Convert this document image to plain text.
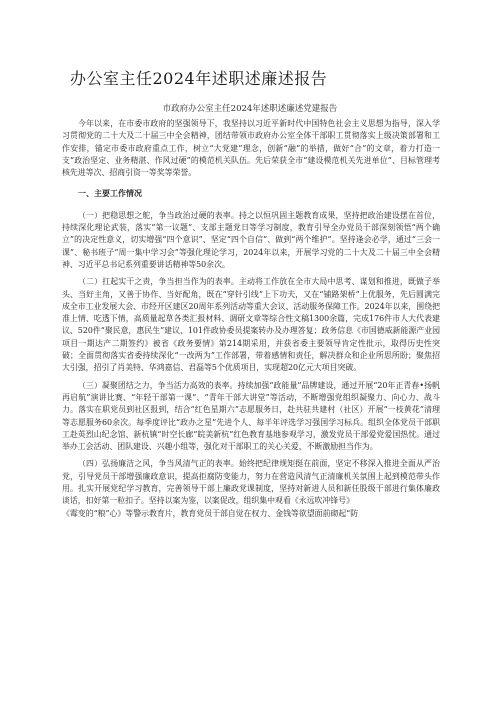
办公室主任2024年述职述廉述报告
市政府办公室主任2024年述职述廉述党建报告

今年以来，在市委市政府的坚强领导下，我坚持以习近平新时代中国特色社会主义思想为指导，深入学习贯彻党的二十大及二十届三中全会精神，团结带领市政府办公室全体干部职工贯彻落实上级决策部署和工作安排，锚定市委市政府重点工作，树立“大党建”理念，创新“融”的举措，做好“合”的文章，着力打造一支“政治坚定、业务精湛、作风过硬”的模范机关队伍。先后荣获全市“建设模范机关先进单位”、目标管理考核先进等次、招商引资一等奖等荣誉。

一、主要工作情况

（一）把稳思想之舵，争当政治过硬的表率。持之以恒巩固主题教育成果，坚持把政治建设摆在首位，持续深化理论武装，落实“第一议题”、支部主题党日等学习制度，教育引导全办党员干部深刻领悟“两个确立”的决定性意义，切实增强“四个意识”、坚定“四个自信”、做到“两个维护”。坚持逢会必学，通过“三会一课”、秘书班子“周一集中学习会”等强化理论学习，2024年以来，开展学习党的二十大及二十届三中全会精神、习近平总书记系列重要讲话精神等50余次。

（二）扛起实干之责，争当担当作为的表率。主动将工作放在全市大局中思考、谋划和推进，既做子举头、当好主角，又善于协作、当好配角，既在“穿针引线”上下功夫，又在“铺路架桥”上优服务，先后圆满完成全市工业发展大会、市经开区建区20周年系列活动等重大会议、活动服务保障工作。2024年以来，围绕把准上情、吃透下情，高质量起草各类汇报材料、调研文章等综合性文稿1300余篇，完成176件市人大代表建议、520件“聚民意，惠民生”建议、101件政协委员提案转办及办理答复；政务信息《市国德威新能源产业园项目一期达产二期签约》被省《政务要情》第214期采用，并获省委主要领导肯定性批示，取得历史性突破；全面贯彻落实省委持续深化“一改两为”工作部署，带着感情和责任，解决群众和企业所思所盼；聚焦招大引强，招引了肖美特、华鸿嘉信、君磊等5个优质项目，实现超20亿元大项目突破。

（三）凝聚团结之力，争当活力高效的表率。持续加强“政能量”品牌建设，通过开展“20年正青春•扬帆再启航”演讲比赛、“年轻干部第一课”、“青年干部大讲堂”等活动，不断增强党组织凝聚力、向心力、战斗力。落实在职党员到社区报到，结合“红色星期六”志愿服务日，赴共驻共建村（社区）开展“一枝黄花”清理等志愿服务60余次。每季度评比“政办之星”先进个人、每半年评选学习强国学习标兵。组织全体党员干部职工赴英烈山纪念馆、新杭镇“时空长廊”皖美新杭”红色教育基地参观学习，激发党员干部爱党爱国热忱。通过举办工会活动、团队建设、兴趣小组等，强化对干部职工的关心关爱，不断激励担当作为。

（四）弘扬廉洁之风，争当风清气正的表率。始终把纪律规矩挺在前面，坚定不移深入推进全面从严治党，引导党员干部增强廉政意识，提高拒腐防变能力，努力在营造风清气正清廉机关氛围上起到模范带头作用。扎实开展党纪学习教育，完善领导干部上廉政党课制度，坚持对新进人员和新任股级干部进行集体廉政谈话，扣好第一粒扣子。坚持以案为鉴，以案促改，组织集中观看《永远吹冲锋号》

《霉变的“粮”心》等警示教育片，教育党员干部自觉在权力、金钱等欲望面前砌起“防
